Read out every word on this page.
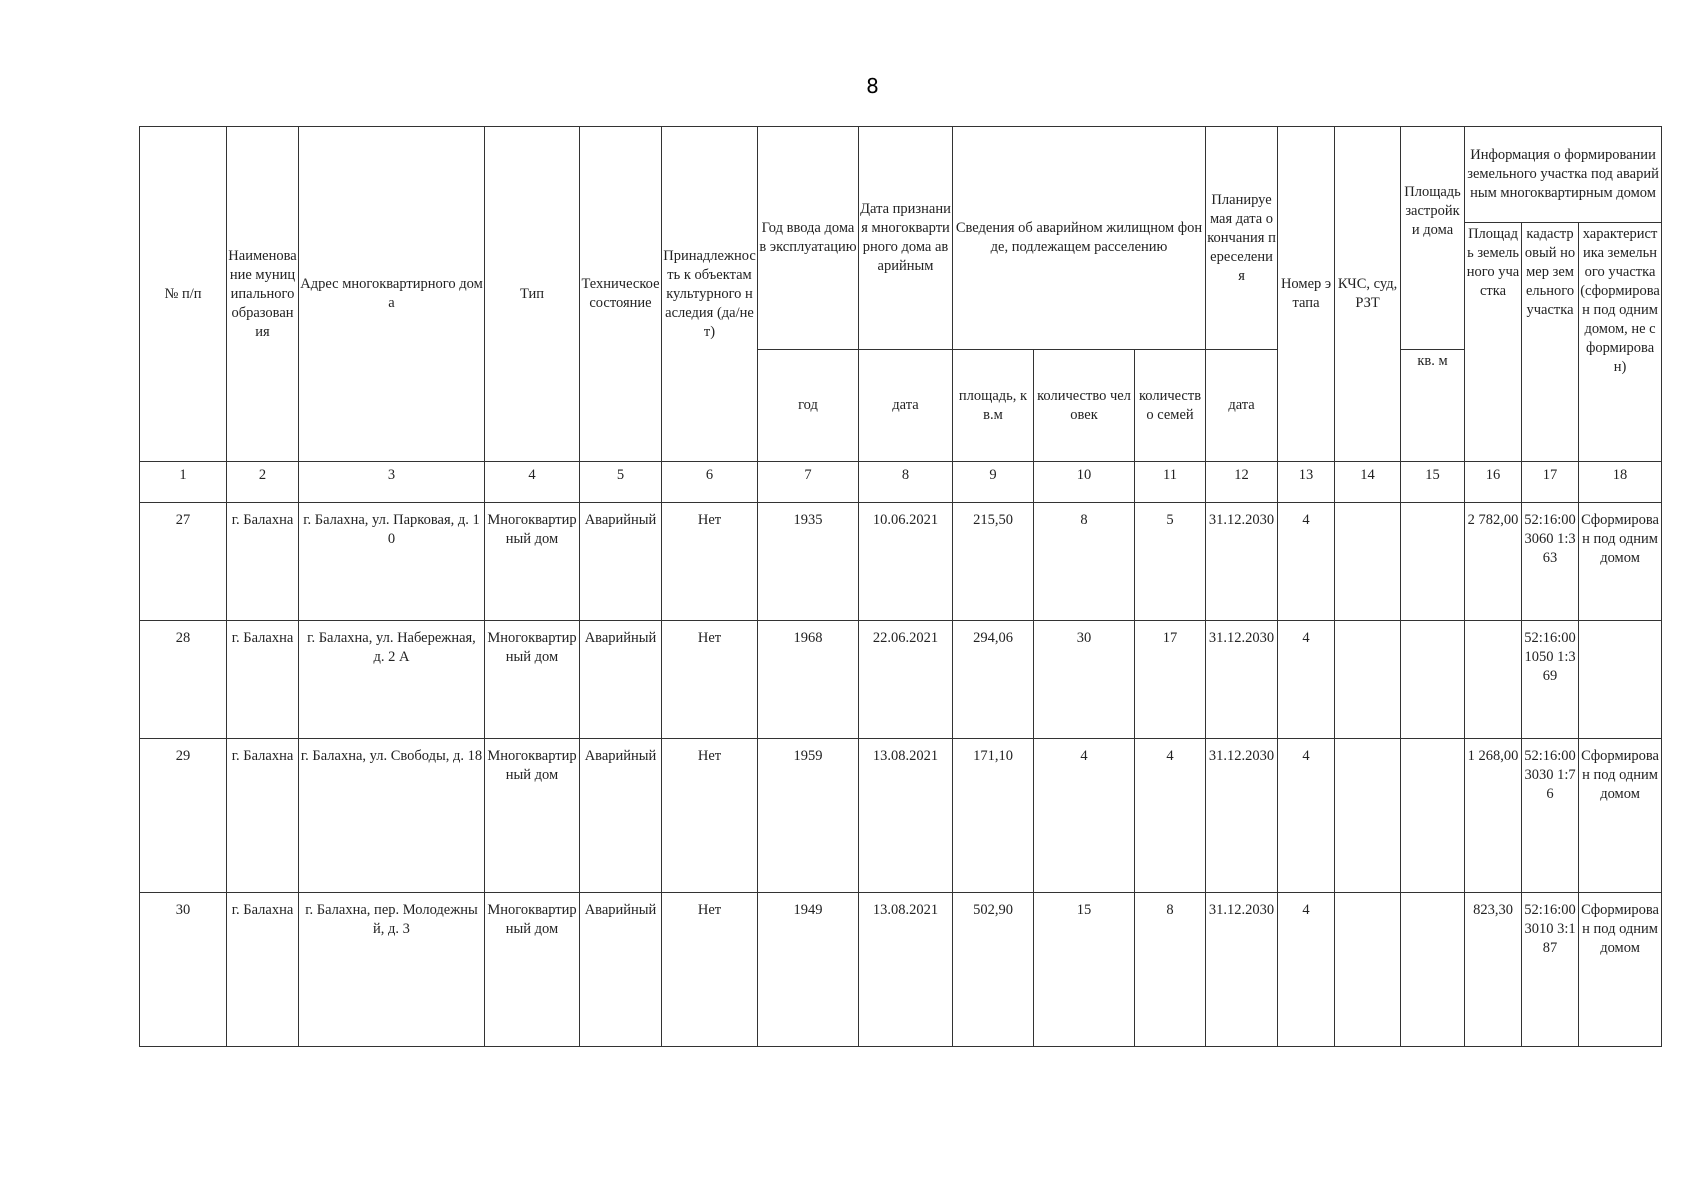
8
№ п/п	Наименование муниципального образования	Адрес многоквартирного дома	Тип	Техническое состояние	Принадлежность к объектам культурного наследия (да/нет)	Год ввода дома в эксплуатацию	Дата признания многоквартирного дома аварийным	Сведения об аварийном жилищном фонде, подлежащем расселению			Планируемая дата окончания переселения	Номер этапа	КЧС, суд, РЗТ	Площадь застройки дома	Информация о формировании земельного участка под аварийным многоквартирным домом		
															Площадь земельного участка	кадастровый номер земельного участка	характеристика земельного участка (сформирован под одним домом, не сформирован)
						год	дата	площадь, кв.м	количество человек	количество семей	дата			кв. м			
1	2	3	4	5	6	7	8	9	10	11	12	13	14	15	16	17	18
27	г. Балахна	г. Балахна, ул. Парковая, д. 10	Многоквартирный дом	Аварийный	Нет	1935	10.06.2021	215,50	8	5	31.12.2030	4			2 782,00	52:16:003060 1:363	Сформирован под одним домом
28	г. Балахна	г. Балахна, ул. Набережная, д. 2 А	Многоквартирный дом	Аварийный	Нет	1968	22.06.2021	294,06	30	17	31.12.2030	4				52:16:001050 1:369	
29	г. Балахна	г. Балахна, ул. Свободы, д. 18	Многоквартирный дом	Аварийный	Нет	1959	13.08.2021	171,10	4	4	31.12.2030	4			1 268,00	52:16:003030 1:76	Сформирован под одним домом
30	г. Балахна	г. Балахна, пер. Молодежный, д. 3	Многоквартирный дом	Аварийный	Нет	1949	13.08.2021	502,90	15	8	31.12.2030	4			823,30	52:16:003010 3:187	Сформирован под одним домом
